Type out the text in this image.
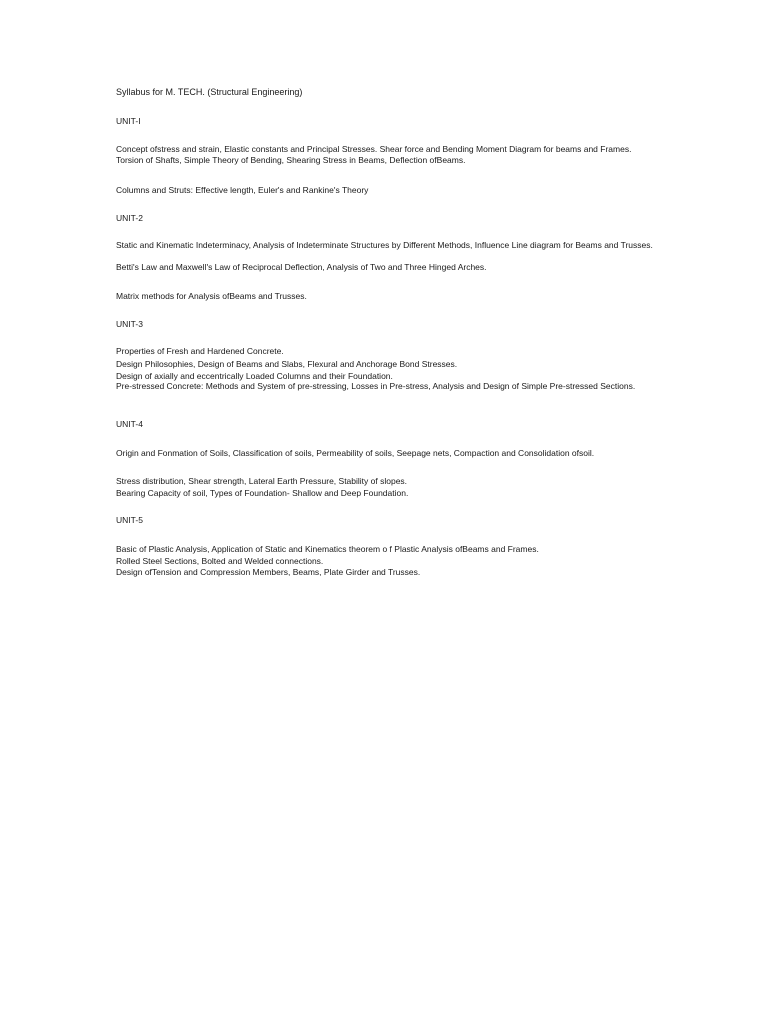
Syllabus for M. TECH. (Structural Engineering)
UNIT-I
Concept ofstress and strain, Elastic constants and Principal Stresses. Shear force and Bending Moment Diagram for beams and Frames. Torsion of Shafts, Simple Theory of Bending, Shearing Stress in Beams, Deflection ofBeams.
Columns and Struts: Effective length, Euler's and Rankine's Theory
UNIT-2
Static and Kinematic Indeterminacy, Analysis of Indeterminate Structures by Different Methods, Influence Line diagram for Beams and Trusses.
Betti's Law and Maxwell's Law of Reciprocal Deflection, Analysis of Two and Three Hinged Arches.
Matrix methods for Analysis ofBeams and Trusses.
UNIT-3
Properties of Fresh and Hardened Concrete.
Design Philosophies, Design of Beams and Slabs, Flexural and Anchorage Bond Stresses.
Design of axially and eccentrically Loaded Columns and their Foundation.
Pre-stressed Concrete: Methods and System of pre-stressing, Losses in Pre-stress, Analysis and Design of Simple Pre-stressed Sections.
UNIT-4
Origin and Fonmation of Soils, Classification of soils, Permeability of soils, Seepage nets, Compaction and Consolidation ofsoil.
Stress distribution, Shear strength, Lateral Earth Pressure, Stability of slopes.
Bearing Capacity of soil, Types of Foundation- Shallow and Deep Foundation.
UNIT-5
Basic of Plastic Analysis, Application of Static and Kinematics theorem o f Plastic Analysis ofBeams and Frames.
Rolled Steel Sections, Bolted and Welded connections.
Design ofTension and Compression Members, Beams, Plate Girder and Trusses.
